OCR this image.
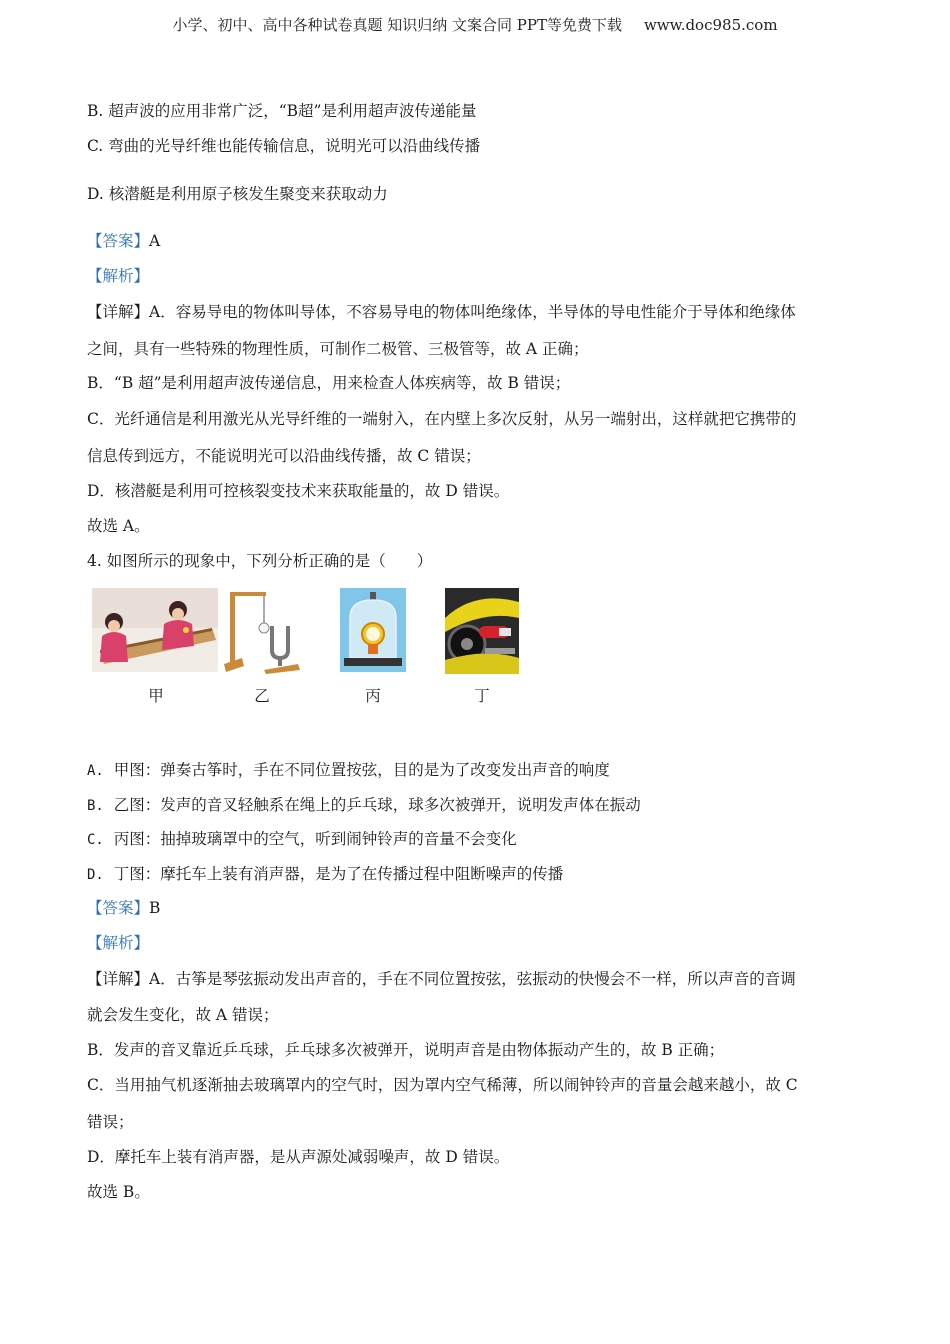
小学、初中、高中各种试卷真题 知识归纳 文案合同 PPT等免费下载 www.doc985.com
B. 超声波的应用非常广泛，“B超”是利用超声波传递能量
C. 弯曲的光导纤维也能传输信息，说明光可以沿曲线传播
D. 核潜艇是利用原子核发生聚变来获取动力
【答案】A
【解析】
【详解】A．容易导电的物体叫导体，不容易导电的物体叫绝缘体，半导体的导电性能介于导体和绝缘体
之间，具有一些特殊的物理性质，可制作二极管、三极管等，故 A 正确；
B．“B 超”是利用超声波传递信息，用来检查人体疾病等，故 B 错误；
C．光纤通信是利用激光从光导纤维的一端射入，在内壁上多次反射，从另一端射出，这样就把它携带的
信息传到远方，不能说明光可以沿曲线传播，故 C 错误；
D．核潜艇是利用可控核裂变技术来获取能量的，故 D 错误。
故选 A。
4. 如图所示的现象中，下列分析正确的是（　　）
甲	乙	丙	丁
A. 甲图：弹奏古筝时，手在不同位置按弦，目的是为了改变发出声音的响度
B. 乙图：发声的音叉轻触系在绳上的乒乓球，球多次被弹开，说明发声体在振动
C. 丙图：抽掉玻璃罩中的空气，听到闹钟铃声的音量不会变化
D. 丁图：摩托车上装有消声器，是为了在传播过程中阻断噪声的传播
【答案】B
【解析】
【详解】A．古筝是琴弦振动发出声音的，手在不同位置按弦，弦振动的快慢会不一样，所以声音的音调
就会发生变化，故 A 错误；
B．发声的音叉靠近乒乓球，乒乓球多次被弹开，说明声音是由物体振动产生的，故 B 正确；
C．当用抽气机逐渐抽去玻璃罩内的空气时，因为罩内空气稀薄，所以闹钟铃声的音量会越来越小，故 C
错误；
D．摩托车上装有消声器，是从声源处减弱噪声，故 D 错误。
故选 B。
